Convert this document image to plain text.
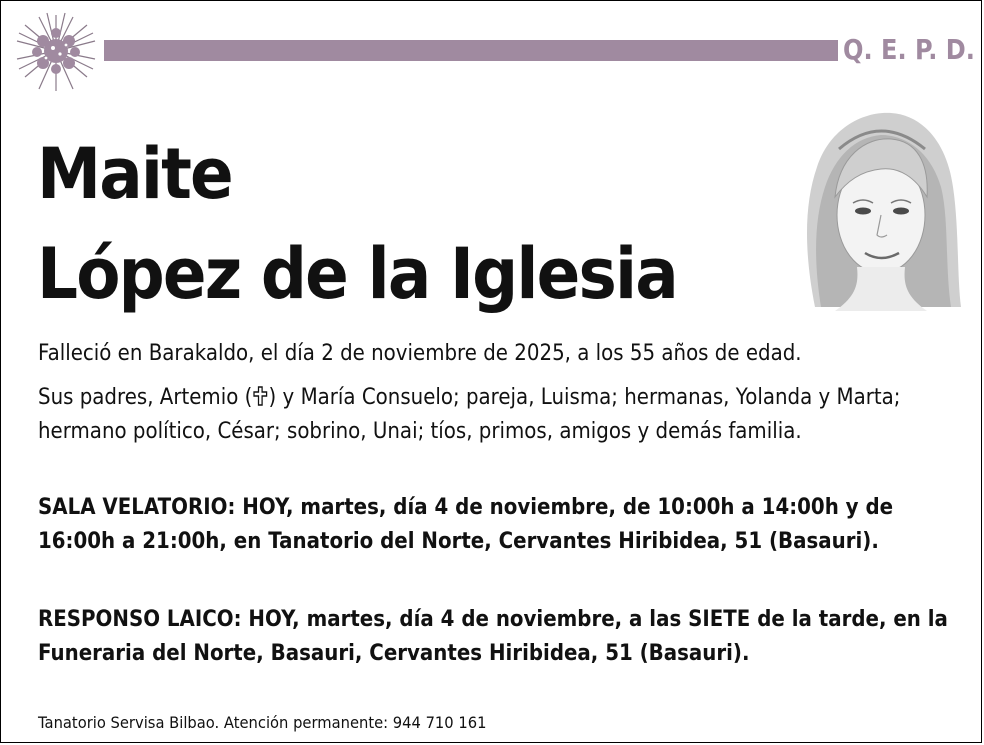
Q. E. P. D.
Maite
López de la Iglesia

Falleció en Barakaldo, el día 2 de noviembre de 2025, a los 55 años de edad.

Sus padres, Artemio ( ) y María Consuelo; pareja, Luisma; hermanas, Yolanda y Marta; hermano político, César; sobrino, Unai; tíos, primos, amigos y demás familia.

SALA VELATORIO: HOY, martes, día 4 de noviembre, de 10:00h a 14:00h y de 16:00h a 21:00h, en Tanatorio del Norte, Cervantes Hiribidea, 51 (Basauri).

RESPONSO LAICO: HOY, martes, día 4 de noviembre, a las SIETE de la tarde, en la Funeraria del Norte, Basauri, Cervantes Hiribidea, 51 (Basauri).

Tanatorio Servisa Bilbao. Atención permanente: 944 710 161
